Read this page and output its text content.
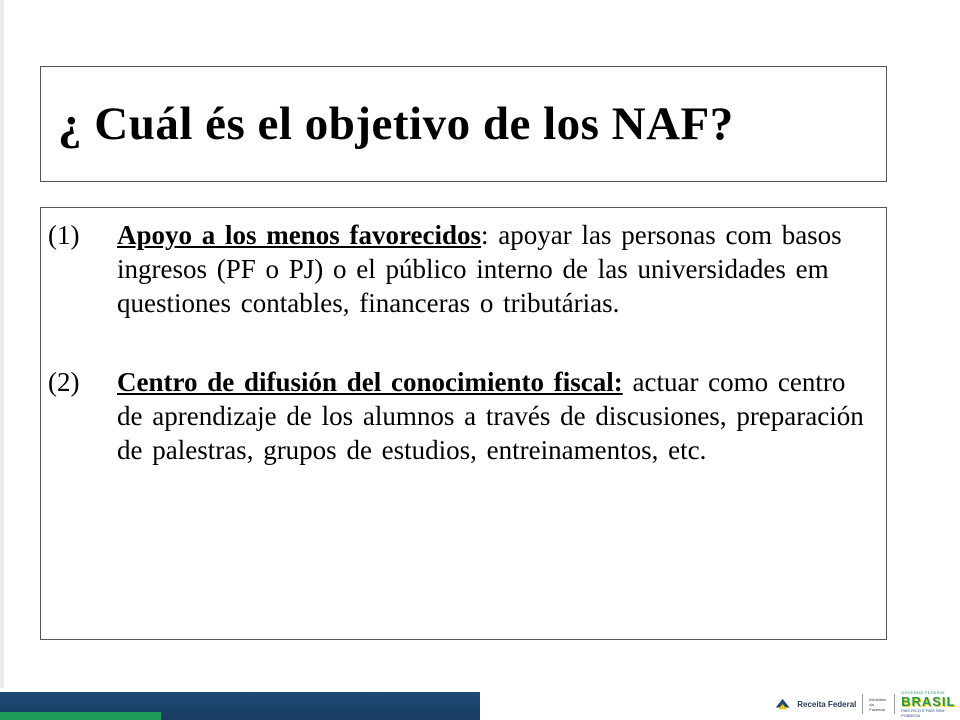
¿ Cuál és el objetivo de los NAF?
(1)	Apoyo a los menos favorecidos: apoyar las personas com basos ingresos (PF o PJ) o el público interno de las universidades em questiones contables, financeras o tributárias.
(2)	Centro de difusión del conocimiento fiscal: actuar como centro de aprendizaje de los alumnos a través de discusiones, preparación de palestras, grupos de estudios, entreinamentos, etc.
Receita Federal
Ministério da Fazenda
GOVERNO FEDERAL
BRASIL
PAÍS RICO É PAÍS SEM POBREZA
